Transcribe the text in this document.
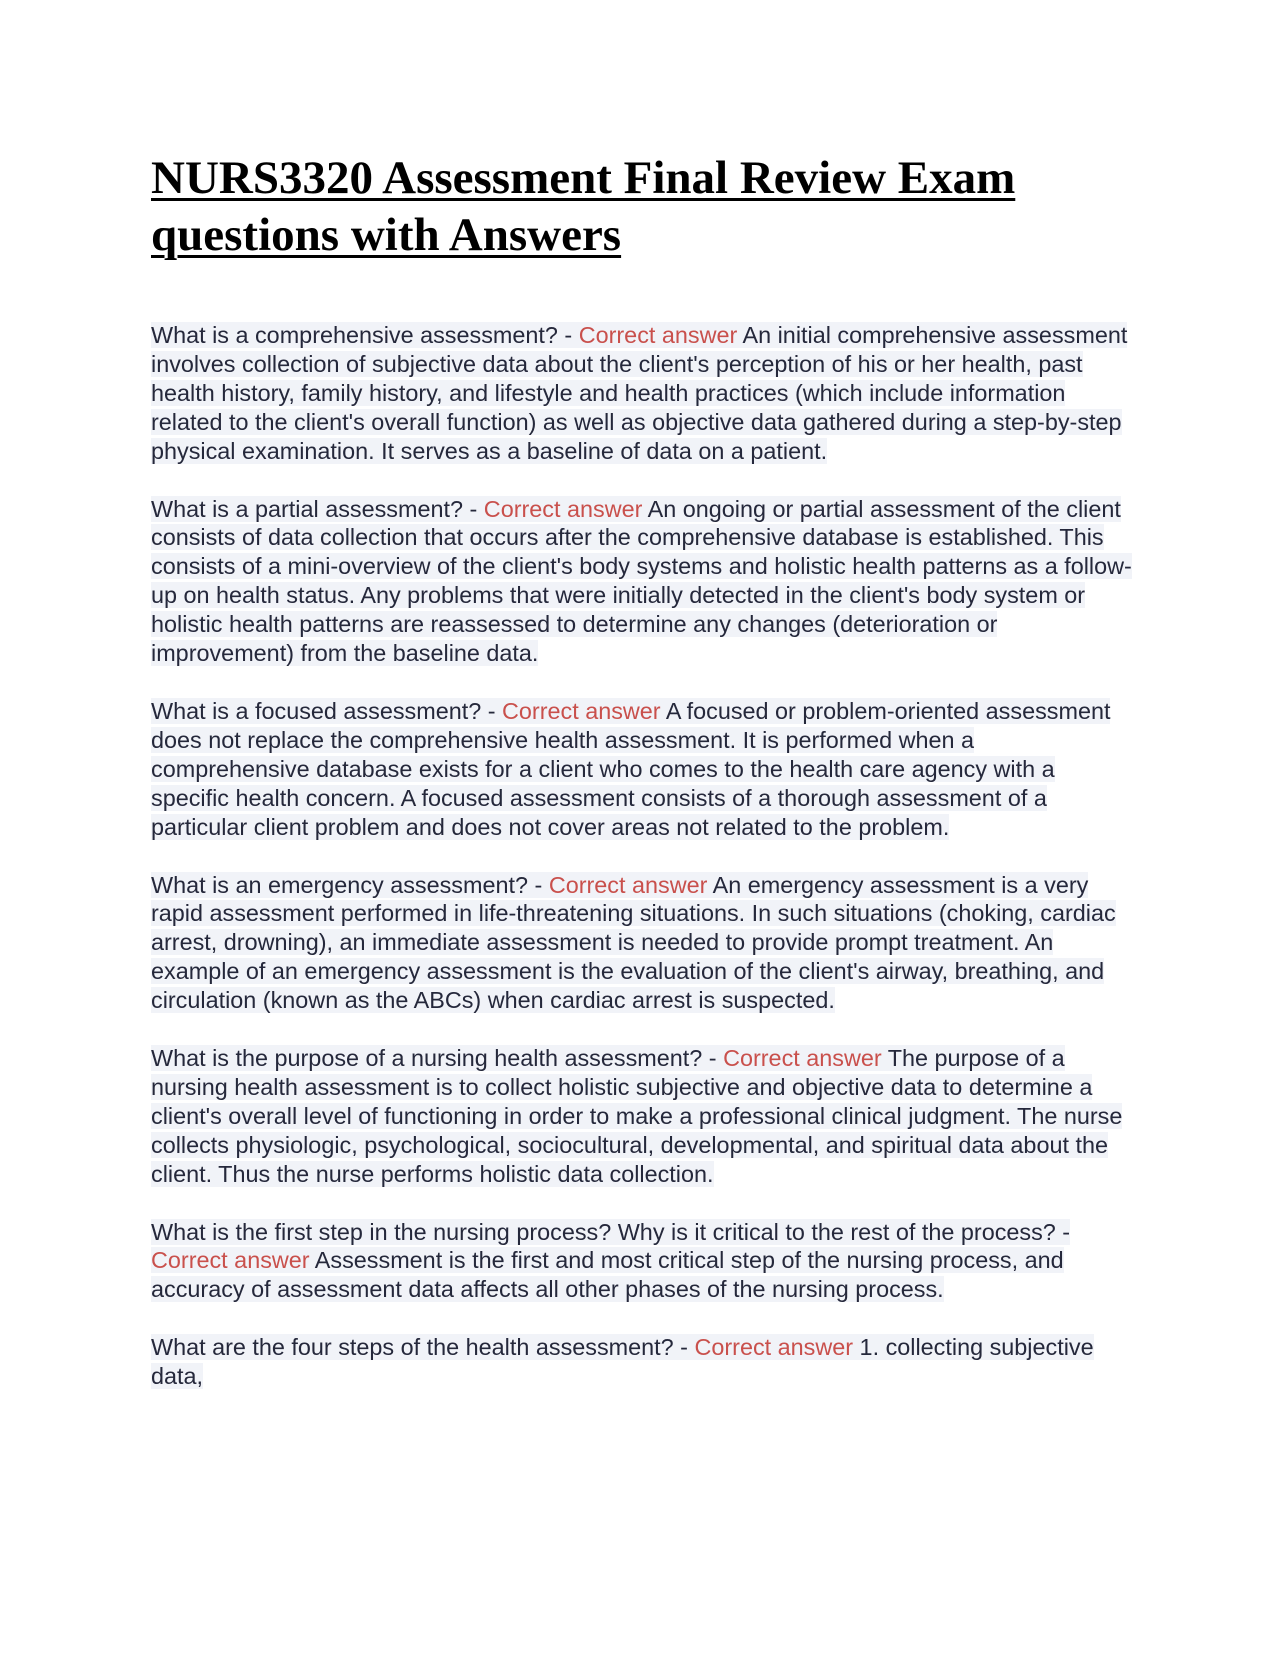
NURS3320 Assessment Final Review Exam questions with Answers

What is a comprehensive assessment? - Correct answer An initial comprehensive assessment involves collection of subjective data about the client's perception of his or her health, past health history, family history, and lifestyle and health practices (which include information related to the client's overall function) as well as objective data gathered during a step-by-step physical examination. It serves as a baseline of data on a patient.

What is a partial assessment? - Correct answer An ongoing or partial assessment of the client consists of data collection that occurs after the comprehensive database is established. This consists of a mini-overview of the client's body systems and holistic health patterns as a follow-up on health status. Any problems that were initially detected in the client's body system or holistic health patterns are reassessed to determine any changes (deterioration or improvement) from the baseline data.

What is a focused assessment? - Correct answer A focused or problem-oriented assessment does not replace the comprehensive health assessment. It is performed when a comprehensive database exists for a client who comes to the health care agency with a specific health concern. A focused assessment consists of a thorough assessment of a particular client problem and does not cover areas not related to the problem.

What is an emergency assessment? - Correct answer An emergency assessment is a very rapid assessment performed in life-threatening situations. In such situations (choking, cardiac arrest, drowning), an immediate assessment is needed to provide prompt treatment. An example of an emergency assessment is the evaluation of the client's airway, breathing, and circulation (known as the ABCs) when cardiac arrest is suspected.

What is the purpose of a nursing health assessment? - Correct answer The purpose of a nursing health assessment is to collect holistic subjective and objective data to determine a client's overall level of functioning in order to make a professional clinical judgment. The nurse collects physiologic, psychological, sociocultural, developmental, and spiritual data about the client. Thus the nurse performs holistic data collection.

What is the first step in the nursing process? Why is it critical to the rest of the process? - Correct answer Assessment is the first and most critical step of the nursing process, and accuracy of assessment data affects all other phases of the nursing process.

What are the four steps of the health assessment? - Correct answer 1. collecting subjective data,
